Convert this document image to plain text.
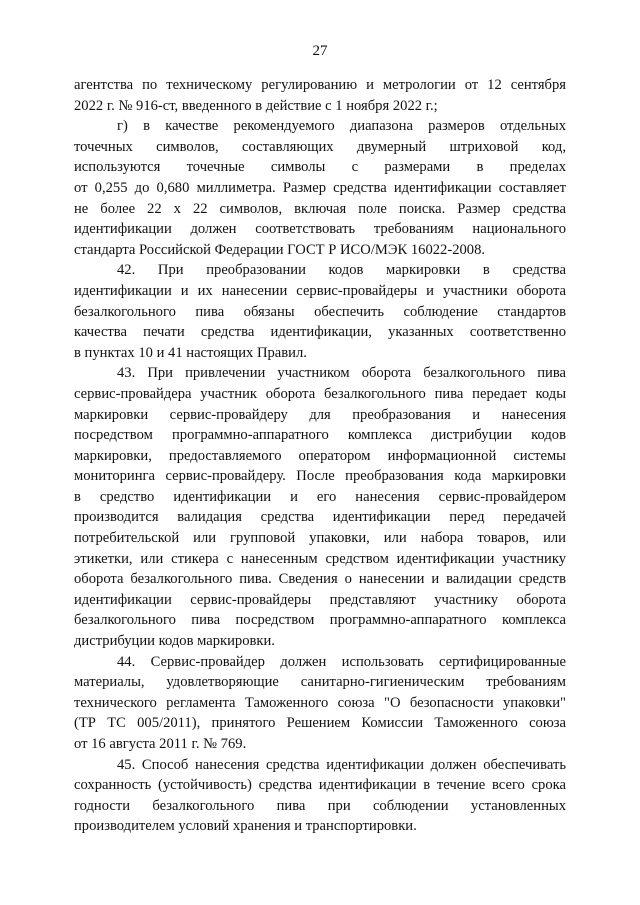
27

агентства по техническому регулированию и метрологии от 12 сентября

2022 г. № 916-ст, введенного в действие с 1 ноября 2022 г.;

г) в качестве рекомендуемого диапазона размеров отдельных

точечных символов, составляющих двумерный штриховой код,

используются точечные символы с размерами в пределах

от 0,255 до 0,680 миллиметра. Размер средства идентификации составляет

не более 22 x 22 символов, включая поле поиска. Размер средства

идентификации должен соответствовать требованиям национального

стандарта Российской Федерации ГОСТ Р ИСО/МЭК 16022-2008.

42. При преобразовании кодов маркировки в средства

идентификации и их нанесении сервис-провайдеры и участники оборота

безалкогольного пива обязаны обеспечить соблюдение стандартов

качества печати средства идентификации, указанных соответственно

в пунктах 10 и 41 настоящих Правил.

43. При привлечении участником оборота безалкогольного пива

сервис-провайдера участник оборота безалкогольного пива передает коды

маркировки сервис-провайдеру для преобразования и нанесения

посредством программно-аппаратного комплекса дистрибуции кодов

маркировки, предоставляемого оператором информационной системы

мониторинга сервис-провайдеру. После преобразования кода маркировки

в средство идентификации и его нанесения сервис-провайдером

производится валидация средства идентификации перед передачей

потребительской или групповой упаковки, или набора товаров, или

этикетки, или стикера с нанесенным средством идентификации участнику

оборота безалкогольного пива. Сведения о нанесении и валидации средств

идентификации сервис-провайдеры представляют участнику оборота

безалкогольного пива посредством программно-аппаратного комплекса

дистрибуции кодов маркировки.

44. Сервис-провайдер должен использовать сертифицированные

материалы, удовлетворяющие санитарно-гигиеническим требованиям

технического регламента Таможенного союза "О безопасности упаковки"

(ТР ТС 005/2011), принятого Решением Комиссии Таможенного союза

от 16 августа 2011 г. № 769.

45. Способ нанесения средства идентификации должен обеспечивать

сохранность (устойчивость) средства идентификации в течение всего срока

годности безалкогольного пива при соблюдении установленных

производителем условий хранения и транспортировки.
